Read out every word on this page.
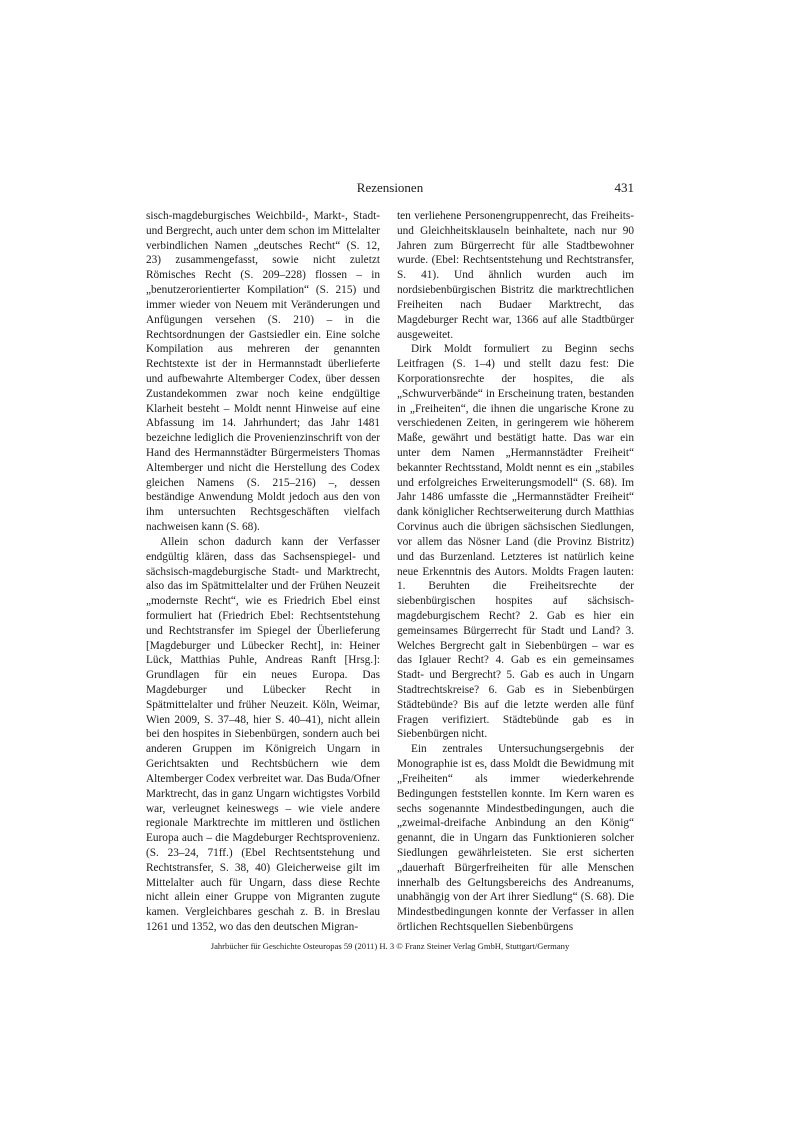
Rezensionen	431

sisch-magdeburgisches Weichbild-, Markt-, Stadt- und Bergrecht, auch unter dem schon im Mittelalter verbindlichen Namen „deutsches Recht“ (S. 12, 23) zusammengefasst, sowie nicht zuletzt Römisches Recht (S. 209–228) flossen – in „benutzerorientierter Kompilation“ (S. 215) und immer wieder von Neuem mit Veränderungen und Anfügungen versehen (S. 210) – in die Rechtsordnungen der Gastsiedler ein. Eine solche Kompilation aus mehreren der genannten Rechtstexte ist der in Hermannstadt überlieferte und aufbewahrte Altemberger Codex, über dessen Zustandekommen zwar noch keine endgültige Klarheit besteht – Moldt nennt Hinweise auf eine Abfassung im 14. Jahrhundert; das Jahr 1481 bezeichne lediglich die Provenienzinschrift von der Hand des Hermannstädter Bürgermeisters Thomas Altemberger und nicht die Herstellung des Codex gleichen Namens (S. 215–216) –, dessen beständige Anwendung Moldt jedoch aus den von ihm untersuchten Rechtsgeschäften vielfach nachweisen kann (S. 68).

Allein schon dadurch kann der Verfasser endgültig klären, dass das Sachsenspiegel- und sächsisch-magdeburgische Stadt- und Marktrecht, also das im Spätmittelalter und der Frühen Neuzeit „modernste Recht“, wie es Friedrich Ebel einst formuliert hat (Friedrich Ebel: Rechtsentstehung und Rechtstransfer im Spiegel der Überlieferung [Magdeburger und Lübecker Recht], in: Heiner Lück, Matthias Puhle, Andreas Ranft [Hrsg.]: Grundlagen für ein neues Europa. Das Magdeburger und Lübecker Recht in Spätmittelalter und früher Neuzeit. Köln, Weimar, Wien 2009, S. 37–48, hier S. 40–41), nicht allein bei den hospites in Siebenbürgen, sondern auch bei anderen Gruppen im Königreich Ungarn in Gerichtsakten und Rechtsbüchern wie dem Altemberger Codex verbreitet war. Das Buda/Ofner Marktrecht, das in ganz Ungarn wichtigstes Vorbild war, verleugnet keineswegs – wie viele andere regionale Marktrechte im mittleren und östlichen Europa auch – die Magdeburger Rechtsprovenienz. (S. 23–24, 71ff.) (Ebel Rechtsentstehung und Rechtstransfer, S. 38, 40) Gleicherweise gilt im Mittelalter auch für Ungarn, dass diese Rechte nicht allein einer Gruppe von Migranten zugute kamen. Vergleichbares geschah z. B. in Breslau 1261 und 1352, wo das den deutschen Migran-

ten verliehene Personengruppenrecht, das Freiheits- und Gleichheitsklauseln beinhaltete, nach nur 90 Jahren zum Bürgerrecht für alle Stadtbewohner wurde. (Ebel: Rechtsentstehung und Rechtstransfer, S. 41). Und ähnlich wurden auch im nordsiebenbürgischen Bistritz die marktrechtlichen Freiheiten nach Budaer Marktrecht, das Magdeburger Recht war, 1366 auf alle Stadtbürger ausgeweitet.

Dirk Moldt formuliert zu Beginn sechs Leitfragen (S. 1–4) und stellt dazu fest: Die Korporationsrechte der hospites, die als „Schwurverbände“ in Erscheinung traten, bestanden in „Freiheiten“, die ihnen die ungarische Krone zu verschiedenen Zeiten, in geringerem wie höherem Maße, gewährt und bestätigt hatte. Das war ein unter dem Namen „Hermannstädter Freiheit“ bekannter Rechtsstand, Moldt nennt es ein „stabiles und erfolgreiches Erweiterungsmodell“ (S. 68). Im Jahr 1486 umfasste die „Hermannstädter Freiheit“ dank königlicher Rechtserweiterung durch Matthias Corvinus auch die übrigen sächsischen Siedlungen, vor allem das Nösner Land (die Provinz Bistritz) und das Burzenland. Letzteres ist natürlich keine neue Erkenntnis des Autors. Moldts Fragen lauten: 1. Beruhten die Freiheitsrechte der siebenbürgischen hospites auf sächsisch-magdeburgischem Recht? 2. Gab es hier ein gemeinsames Bürgerrecht für Stadt und Land? 3. Welches Bergrecht galt in Siebenbürgen – war es das Iglauer Recht? 4. Gab es ein gemeinsames Stadt- und Bergrecht? 5. Gab es auch in Ungarn Stadtrechtskreise? 6. Gab es in Siebenbürgen Städtebünde? Bis auf die letzte werden alle fünf Fragen verifiziert. Städtebünde gab es in Siebenbürgen nicht.

Ein zentrales Untersuchungsergebnis der Monographie ist es, dass Moldt die Bewidmung mit „Freiheiten“ als immer wiederkehrende Bedingungen feststellen konnte. Im Kern waren es sechs sogenannte Mindestbedingungen, auch die „zweimal-dreifache Anbindung an den König“ genannt, die in Ungarn das Funktionieren solcher Siedlungen gewährleisteten. Sie erst sicherten „dauerhaft Bürgerfreiheiten für alle Menschen innerhalb des Geltungsbereichs des Andreanums, unabhängig von der Art ihrer Siedlung“ (S. 68). Die Mindestbedingungen konnte der Verfasser in allen örtlichen Rechtsquellen Siebenbürgens

Jahrbücher für Geschichte Osteuropas 59 (2011) H. 3 © Franz Steiner Verlag GmbH, Stuttgart/Germany
